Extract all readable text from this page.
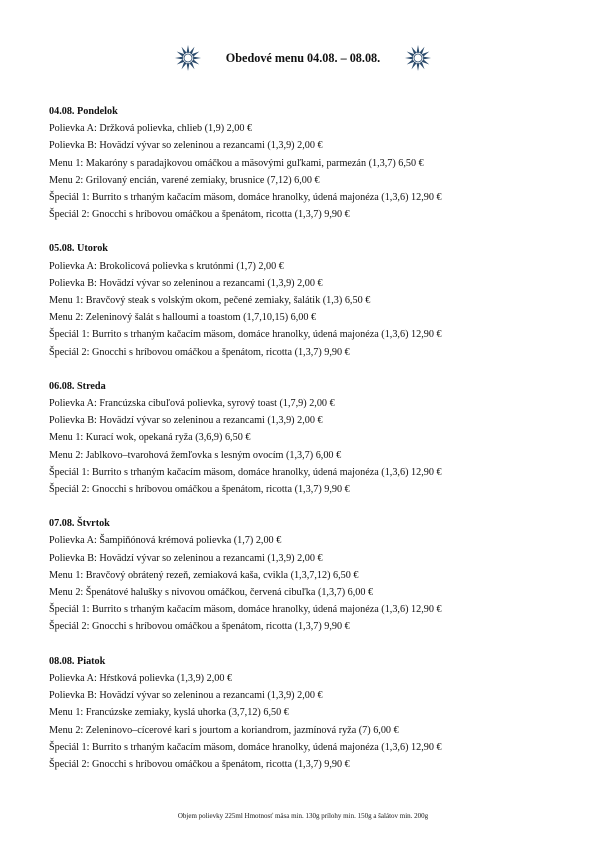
Obedové menu 04.08. – 08.08.
04.08. Pondelok
Polievka A: Držková polievka, chlieb (1,9) 2,00 €
Polievka B: Hovädzí vývar so zeleninou a rezancami (1,3,9) 2,00 €
Menu 1: Makaróny s paradajkovou omáčkou a mäsovými guľkami, parmezán (1,3,7) 6,50 €
Menu 2: Grilovaný encián, varené zemiaky, brusnice (7,12) 6,00 €
Špeciál 1: Burrito s trhaným kačacím mäsom, domáce hranolky, údená majonéza (1,3,6) 12,90 €
Špeciál 2: Gnocchi s hríbovou omáčkou a špenátom, ricotta (1,3,7) 9,90 €
05.08. Utorok
Polievka A: Brokolicová polievka s krutónmi (1,7) 2,00 €
Polievka B: Hovädzí vývar so zeleninou a rezancami (1,3,9) 2,00 €
Menu 1: Bravčový steak s volským okom, pečené zemiaky, šalátik (1,3) 6,50 €
Menu 2: Zeleninový šalát s halloumi a toastom (1,7,10,15) 6,00 €
Špeciál 1: Burrito s trhaným kačacím mäsom, domáce hranolky, údená majonéza (1,3,6) 12,90 €
Špeciál 2: Gnocchi s hríbovou omáčkou a špenátom, ricotta (1,3,7) 9,90 €
06.08. Streda
Polievka A: Francúzska cibuľová polievka, syrový toast (1,7,9) 2,00 €
Polievka B: Hovädzí vývar so zeleninou a rezancami (1,3,9) 2,00 €
Menu 1: Kurací wok, opekaná ryža (3,6,9) 6,50 €
Menu 2: Jablkovo–tvarohová žemľovka s lesným ovocím (1,3,7) 6,00 €
Špeciál 1: Burrito s trhaným kačacím mäsom, domáce hranolky, údená majonéza (1,3,6) 12,90 €
Špeciál 2: Gnocchi s hríbovou omáčkou a špenátom, ricotta (1,3,7) 9,90 €
07.08. Štvrtok
Polievka A: Šampiňónová krémová polievka (1,7) 2,00 €
Polievka B: Hovädzí vývar so zeleninou a rezancami (1,3,9) 2,00 €
Menu 1: Bravčový obrátený rezeň, zemiaková kaša, cvikla (1,3,7,12) 6,50 €
Menu 2: Špenátové halušky s nivovou omáčkou, červená cibuľka (1,3,7) 6,00 €
Špeciál 1: Burrito s trhaným kačacím mäsom, domáce hranolky, údená majonéza (1,3,6) 12,90 €
Špeciál 2: Gnocchi s hríbovou omáčkou a špenátom, ricotta (1,3,7) 9,90 €
08.08. Piatok
Polievka A: Hŕstková polievka (1,3,9) 2,00 €
Polievka B: Hovädzí vývar so zeleninou a rezancami (1,3,9) 2,00 €
Menu 1: Francúzske zemiaky, kyslá uhorka (3,7,12) 6,50 €
Menu 2: Zeleninovo–cícerové kari s jourtom a koriandrom, jazmínová ryža (7) 6,00 €
Špeciál 1: Burrito s trhaným kačacím mäsom, domáce hranolky, údená majonéza (1,3,6) 12,90 €
Špeciál 2: Gnocchi s hríbovou omáčkou a špenátom, ricotta (1,3,7) 9,90 €
Objem polievky 225ml Hmotnosť mäsa min. 130g prílohy min. 150g a šalátov min. 200g
